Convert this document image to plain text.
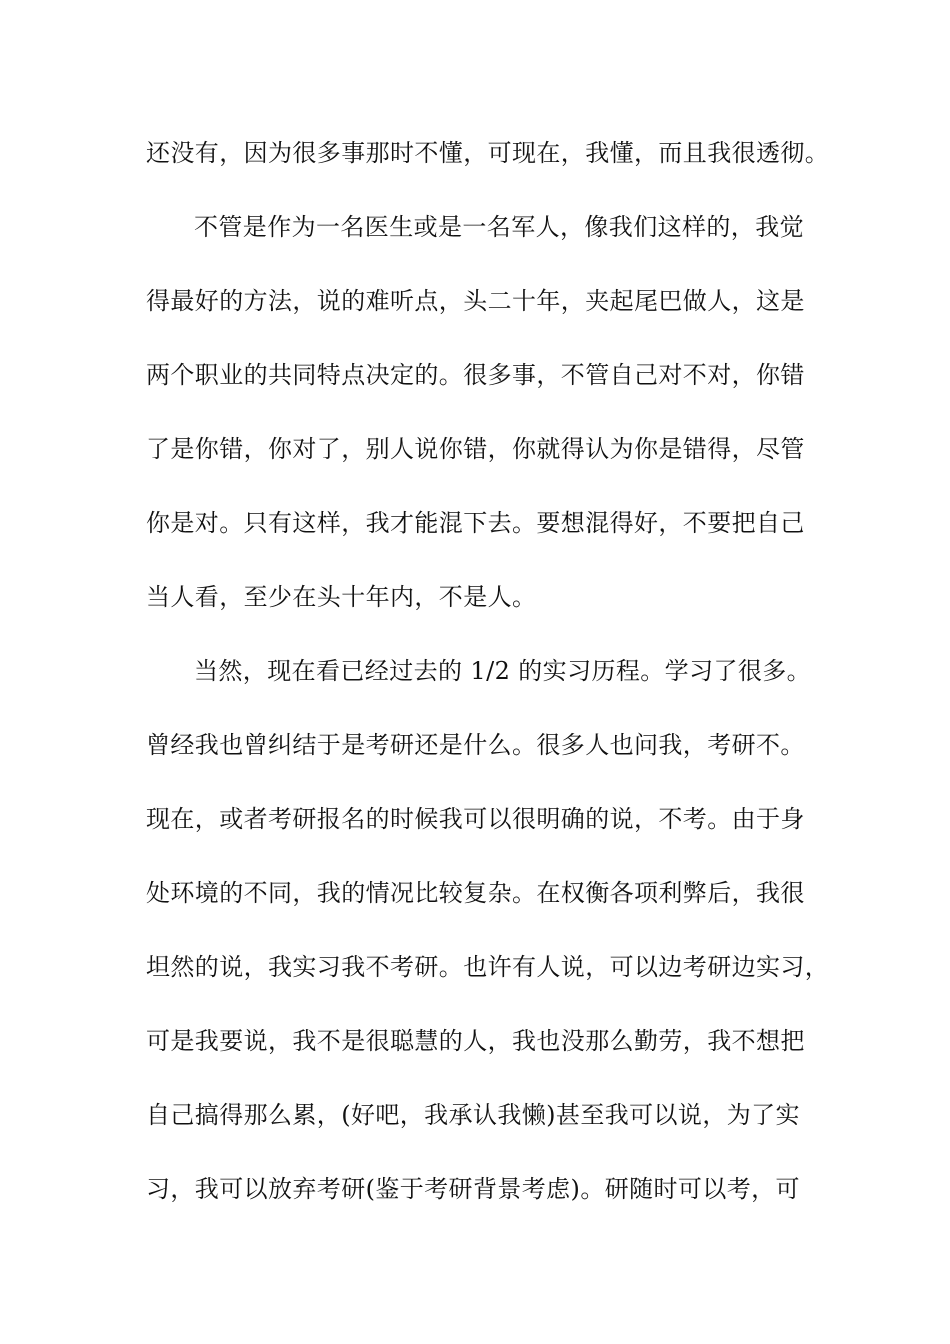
还没有，因为很多事那时不懂，可现在，我懂，而且我很透彻。
不管是作为一名医生或是一名军人，像我们这样的，我觉
得最好的方法，说的难听点，头二十年，夹起尾巴做人，这是
两个职业的共同特点决定的。很多事，不管自己对不对，你错
了是你错，你对了，别人说你错，你就得认为你是错得，尽管
你是对。只有这样，我才能混下去。要想混得好，不要把自己
当人看，至少在头十年内，不是人。
当然，现在看已经过去的 1/2 的实习历程。学习了很多。
曾经我也曾纠结于是考研还是什么。很多人也问我，考研不。
现在，或者考研报名的时候我可以很明确的说，不考。由于身
处环境的不同，我的情况比较复杂。在权衡各项利弊后，我很
坦然的说，我实习我不考研。也许有人说，可以边考研边实习，
可是我要说，我不是很聪慧的人，我也没那么勤劳，我不想把
自己搞得那么累，(好吧，我承认我懒)甚至我可以说，为了实
习，我可以放弃考研(鉴于考研背景考虑)。研随时可以考，可
